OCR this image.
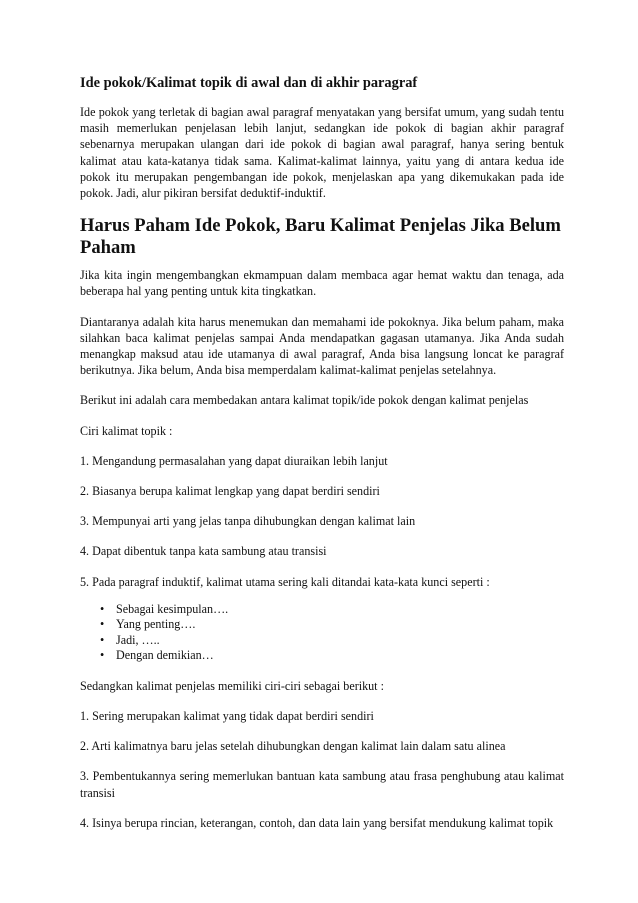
Ide pokok/Kalimat topik di awal dan di akhir paragraf

Ide pokok yang terletak di bagian awal paragraf menyatakan yang bersifat umum, yang sudah tentu masih memerlukan penjelasan lebih lanjut, sedangkan ide pokok di bagian akhir paragraf sebenarnya merupakan ulangan dari ide pokok di bagian awal paragraf, hanya sering bentuk kalimat atau kata-katanya tidak sama. Kalimat-kalimat lainnya, yaitu yang di antara kedua ide pokok itu merupakan pengembangan ide pokok, menjelaskan apa yang dikemukakan pada ide pokok. Jadi, alur pikiran bersifat deduktif-induktif.

Harus Paham Ide Pokok, Baru Kalimat Penjelas Jika Belum Paham

Jika kita ingin mengembangkan ekmampuan dalam membaca agar hemat waktu dan tenaga, ada beberapa hal yang penting untuk kita tingkatkan.

Diantaranya adalah kita harus menemukan dan memahami ide pokoknya. Jika belum paham, maka silahkan baca kalimat penjelas sampai Anda mendapatkan gagasan utamanya. Jika Anda sudah menangkap maksud atau ide utamanya di awal paragraf, Anda bisa langsung loncat ke paragraf berikutnya. Jika belum, Anda bisa memperdalam kalimat-kalimat penjelas setelahnya.

Berikut ini adalah cara membedakan antara kalimat topik/ide pokok dengan kalimat penjelas

Ciri kalimat topik :

1. Mengandung permasalahan yang dapat diuraikan lebih lanjut

2. Biasanya berupa kalimat lengkap yang dapat berdiri sendiri

3. Mempunyai arti yang jelas tanpa dihubungkan dengan kalimat lain

4. Dapat dibentuk tanpa kata sambung atau transisi

5. Pada paragraf induktif, kalimat utama sering kali ditandai kata-kata kunci seperti :

• Sebagai kesimpulan….
• Yang penting….
• Jadi, …..
• Dengan demikian…

Sedangkan kalimat penjelas memiliki ciri-ciri sebagai berikut :

1. Sering merupakan kalimat yang tidak dapat berdiri sendiri

2. Arti kalimatnya baru jelas setelah dihubungkan dengan kalimat lain dalam satu alinea

3. Pembentukannya sering memerlukan bantuan kata sambung atau frasa penghubung atau kalimat transisi

4. Isinya berupa rincian, keterangan, contoh, dan data lain yang bersifat mendukung kalimat topik
